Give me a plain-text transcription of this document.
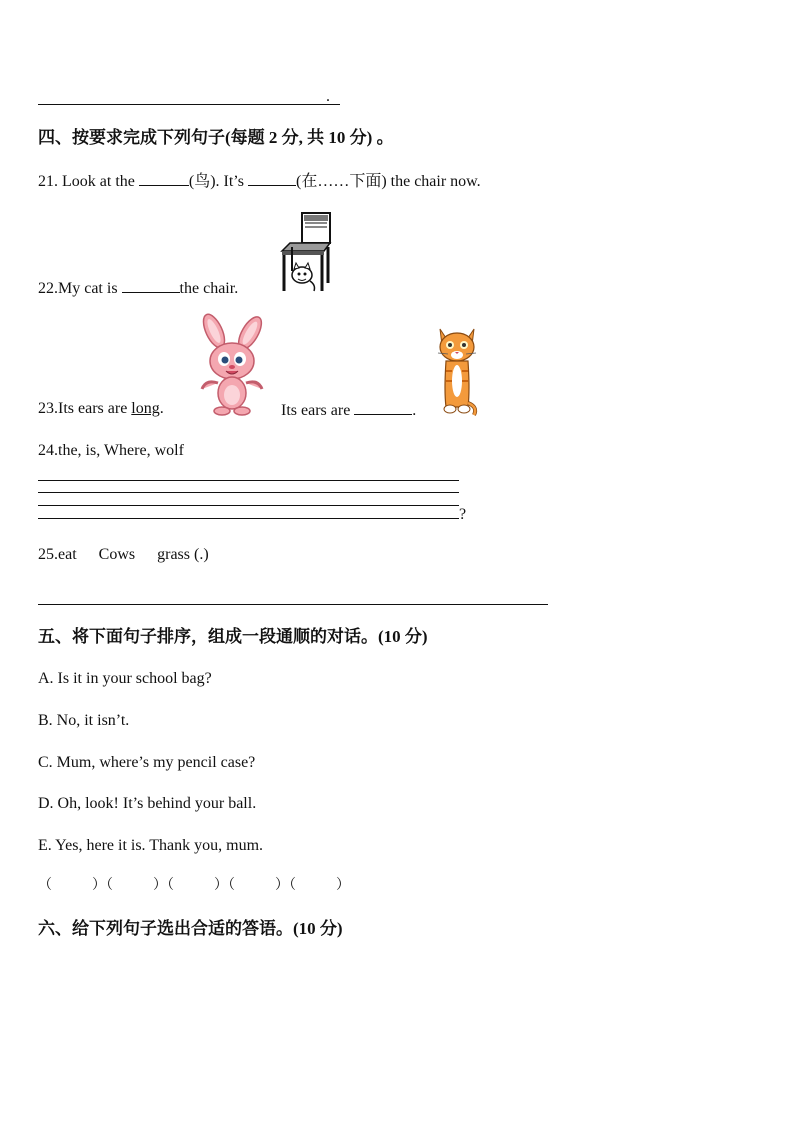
.
四、按要求完成下列句子(每题 2 分, 共 10 分) 。
21. Look at the	(鸟). It’s	(在……下面) the chair now.
22.My cat is	the chair.
23.Its ears are long.	Its ears are	.
24.the, is, Where, wolf
?
25.eat Cows grass (.)
五、将下面句子排序，组成一段通顺的对话。(10 分)
A. Is it in your school bag?
B. No, it isn’t.
C. Mum, where’s my pencil case?
D. Oh, look! It’s behind your ball.
E. Yes, here it is. Thank you, mum.
（	）（	）（	）（	）（	）
六、给下列句子选出合适的答语。(10 分)
